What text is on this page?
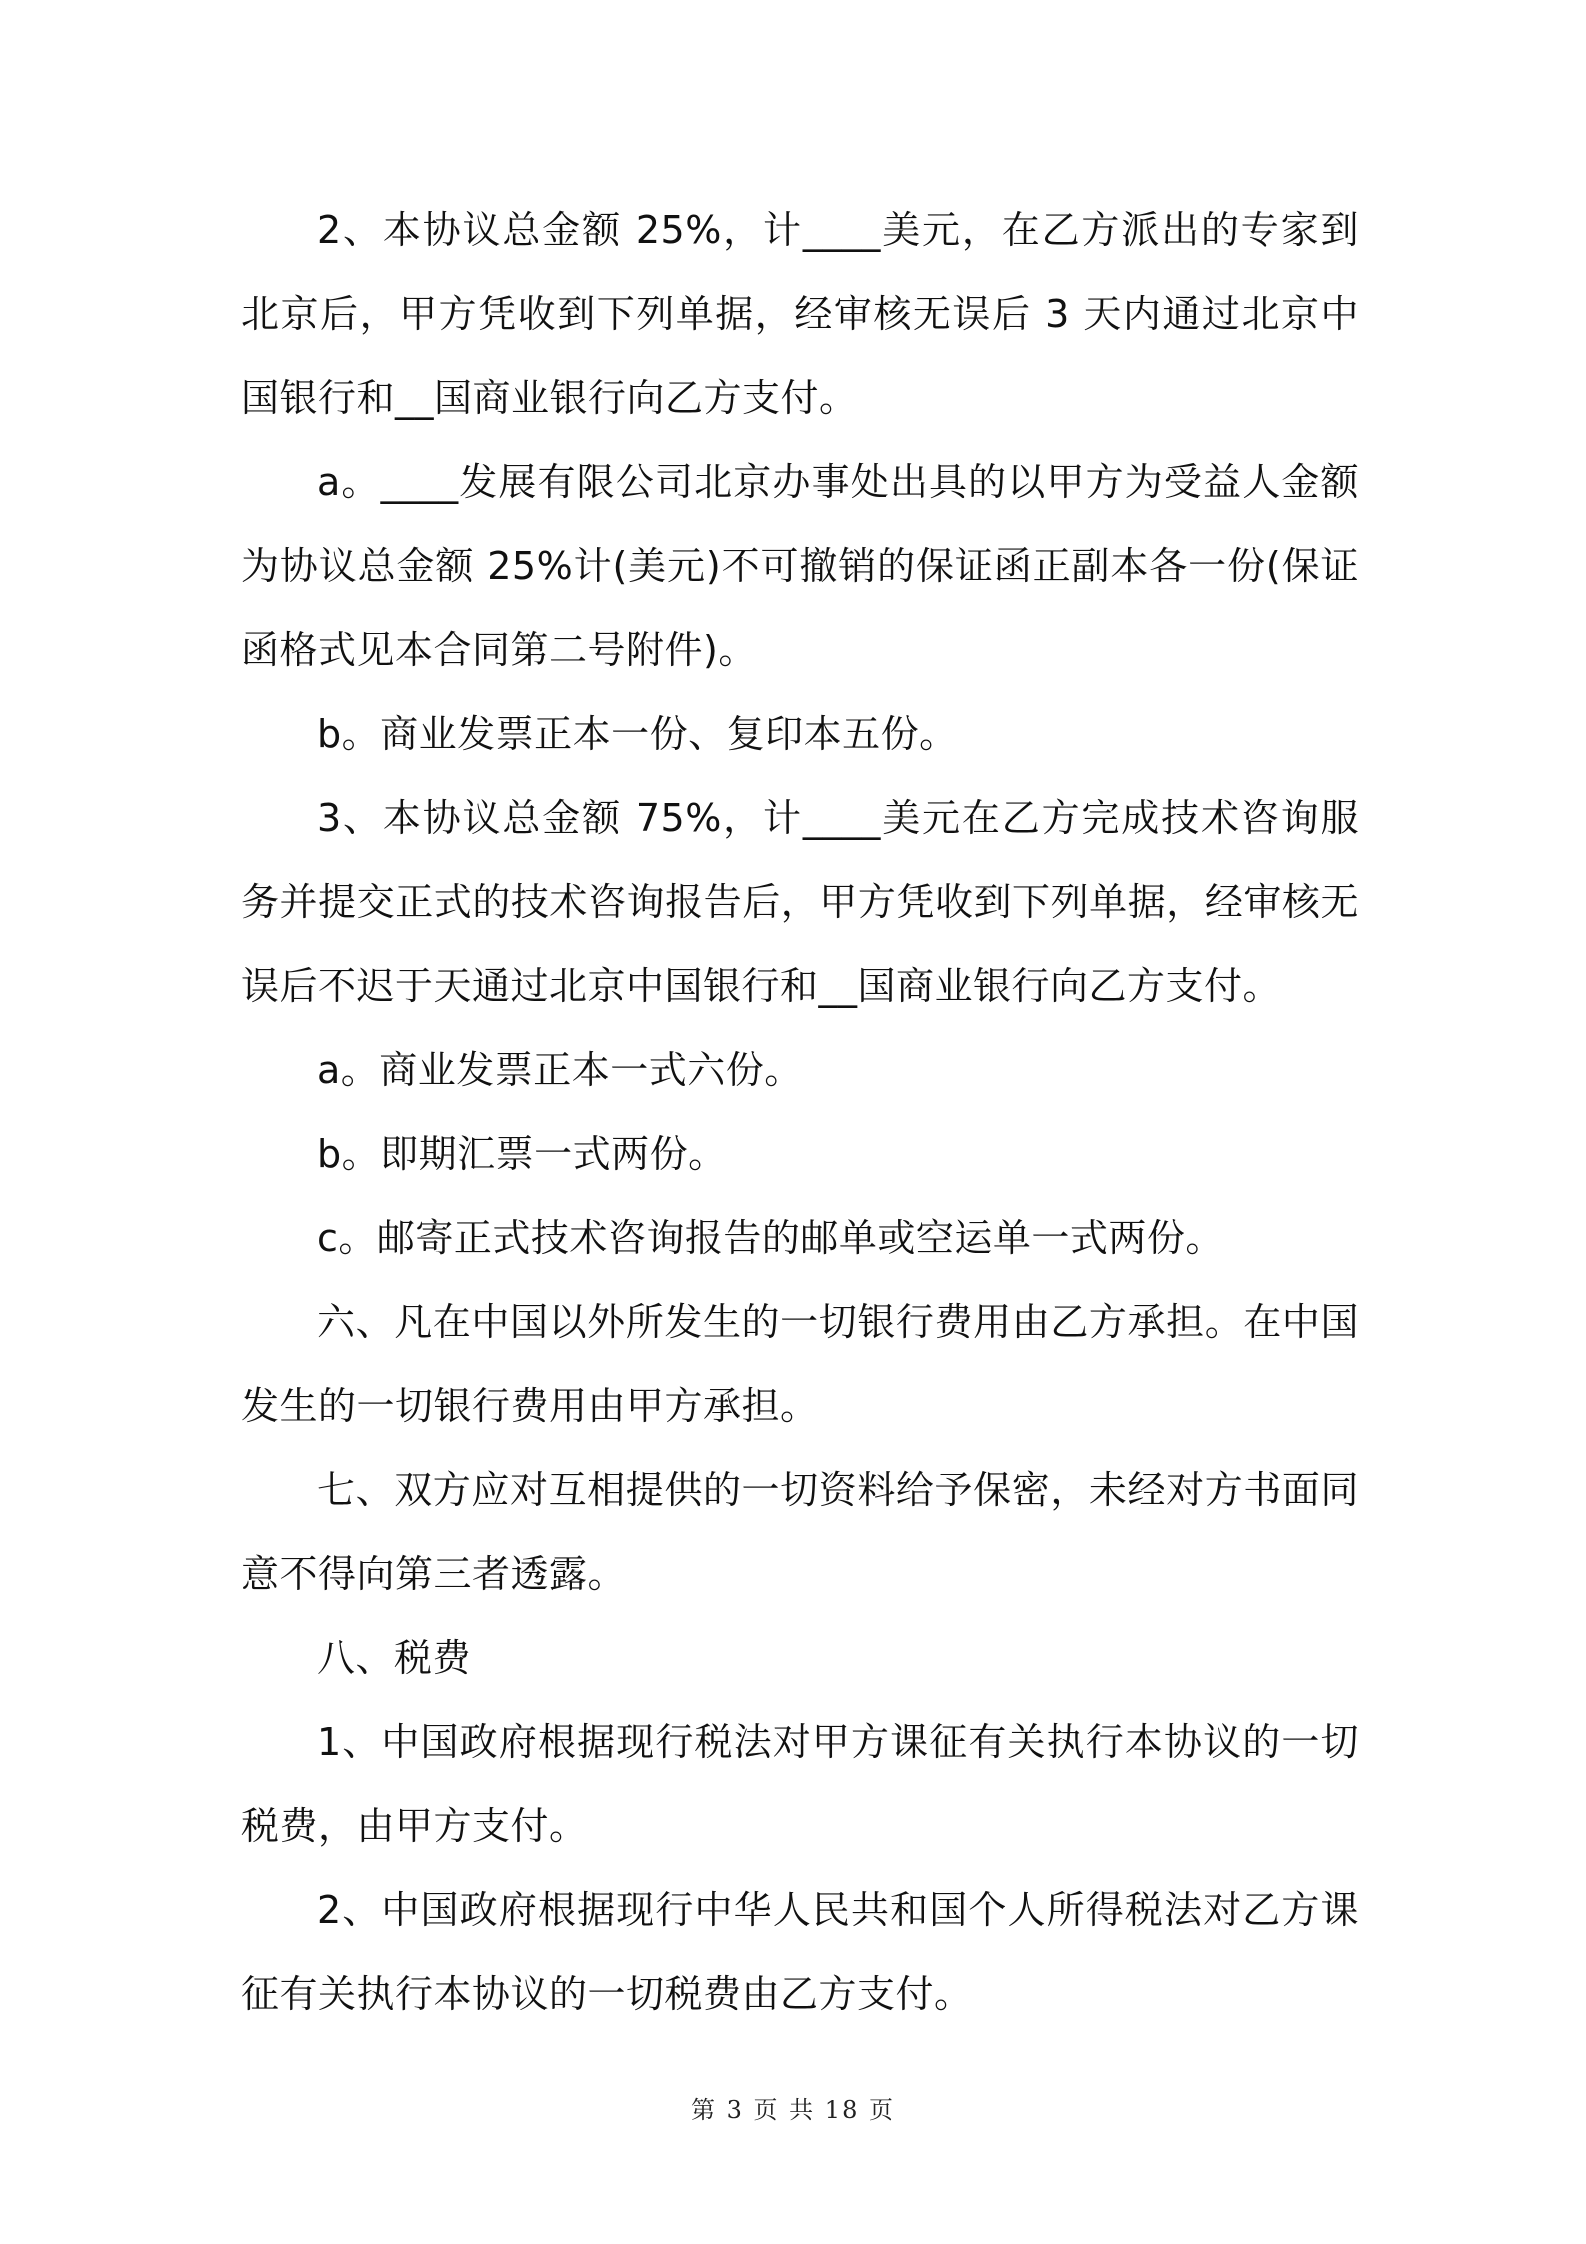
2、本协议总金额 25%，计____美元，在乙方派出的专家到北京后，甲方凭收到下列单据，经审核无误后 3 天内通过北京中国银行和__国商业银行向乙方支付。

a。____发展有限公司北京办事处出具的以甲方为受益人金额为协议总金额 25%计(美元)不可撤销的保证函正副本各一份(保证函格式见本合同第二号附件)。

b。商业发票正本一份、复印本五份。

3、本协议总金额 75%，计____美元在乙方完成技术咨询服务并提交正式的技术咨询报告后，甲方凭收到下列单据，经审核无误后不迟于天通过北京中国银行和__国商业银行向乙方支付。

a。商业发票正本一式六份。

b。即期汇票一式两份。

c。邮寄正式技术咨询报告的邮单或空运单一式两份。

六、凡在中国以外所发生的一切银行费用由乙方承担。在中国发生的一切银行费用由甲方承担。

七、双方应对互相提供的一切资料给予保密，未经对方书面同意不得向第三者透露。

八、税费

1、中国政府根据现行税法对甲方课征有关执行本协议的一切税费，由甲方支付。

2、中国政府根据现行中华人民共和国个人所得税法对乙方课征有关执行本协议的一切税费由乙方支付。

第 3 页 共 18 页
